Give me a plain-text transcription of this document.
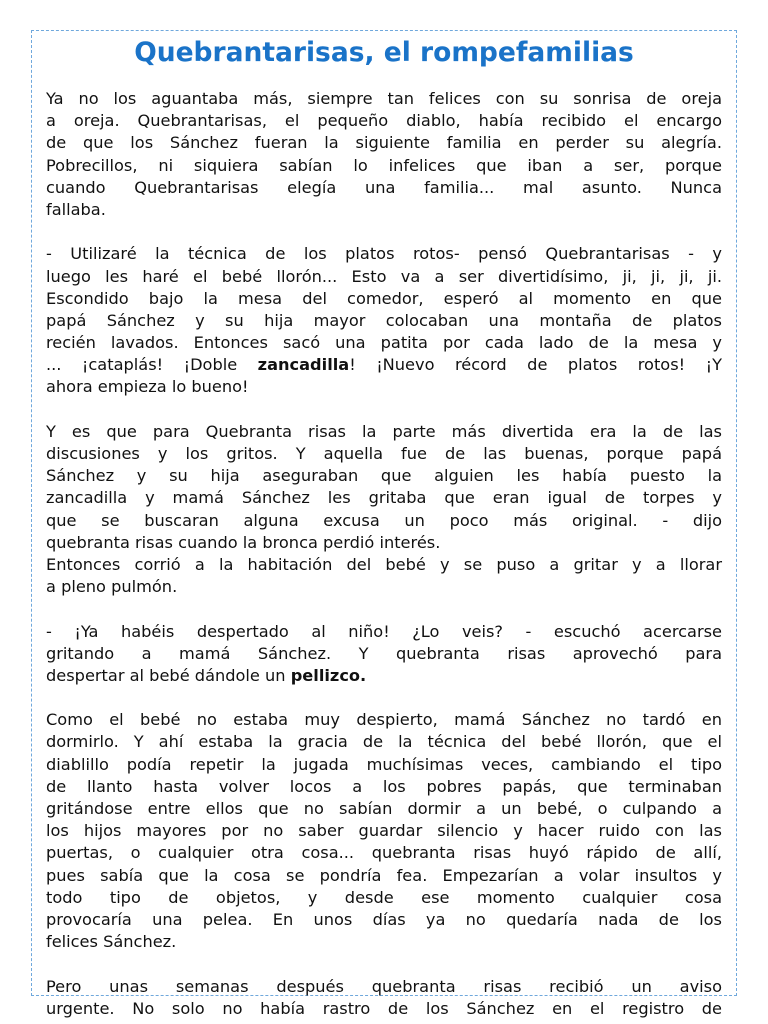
Quebrantarisas, el rompefamilias
Ya no los aguantaba más, siempre tan felices con su sonrisa de oreja
a oreja. Quebrantarisas, el pequeño diablo, había recibido el encargo
de que los Sánchez fueran la siguiente familia en perder su alegría.
Pobrecillos, ni siquiera sabían lo infelices que iban a ser, porque
cuando Quebrantarisas elegía una familia... mal asunto. Nunca
fallaba.
- Utilizaré la técnica de los platos rotos- pensó Quebrantarisas - y
luego les haré el bebé llorón... Esto va a ser divertidísimo, ji, ji, ji, ji.
Escondido bajo la mesa del comedor, esperó al momento en que
papá Sánchez y su hija mayor colocaban una montaña de platos
recién lavados. Entonces sacó una patita por cada lado de la mesa y
... ¡cataplás! ¡Doble zancadilla! ¡Nuevo récord de platos rotos! ¡Y
ahora empieza lo bueno!
Y es que para Quebranta risas la parte más divertida era la de las
discusiones y los gritos. Y aquella fue de las buenas, porque papá
Sánchez y su hija aseguraban que alguien les había puesto la
zancadilla y mamá Sánchez les gritaba que eran igual de torpes y
que se buscaran alguna excusa un poco más original. - dijo
quebranta risas cuando la bronca perdió interés.
Entonces corrió a la habitación del bebé y se puso a gritar y a llorar
a pleno pulmón.
- ¡Ya habéis despertado al niño! ¿Lo veis? - escuchó acercarse
gritando a mamá Sánchez. Y quebranta risas aprovechó para
despertar al bebé dándole un pellizco.
Como el bebé no estaba muy despierto, mamá Sánchez no tardó en
dormirlo. Y ahí estaba la gracia de la técnica del bebé llorón, que el
diablillo podía repetir la jugada muchísimas veces, cambiando el tipo
de llanto hasta volver locos a los pobres papás, que terminaban
gritándose entre ellos que no sabían dormir a un bebé, o culpando a
los hijos mayores por no saber guardar silencio y hacer ruido con las
puertas, o cualquier otra cosa... quebranta risas huyó rápido de allí,
pues sabía que la cosa se pondría fea. Empezarían a volar insultos y
todo tipo de objetos, y desde ese momento cualquier cosa
provocaría una pelea. En unos días ya no quedaría nada de los
felices Sánchez.
Pero unas semanas después quebranta risas recibió un aviso
urgente. No solo no había rastro de los Sánchez en el registro de
